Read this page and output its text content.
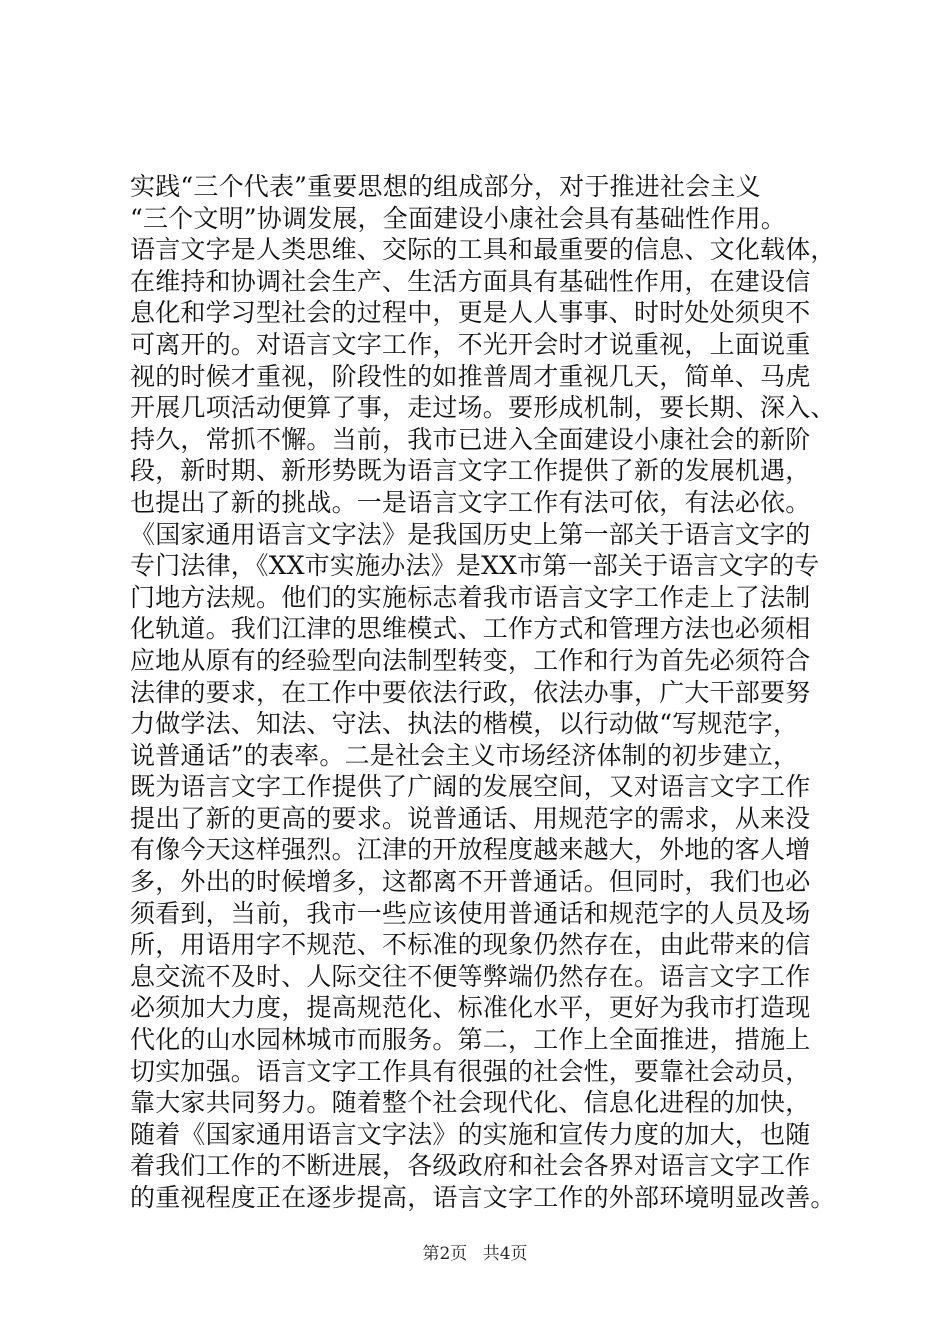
实践“三个代表”重要思想的组成部分，对于推进社会主义
“三个文明”协调发展，全面建设小康社会具有基础性作用。
语言文字是人类思维、交际的工具和最重要的信息、文化载体，
在维持和协调社会生产、生活方面具有基础性作用，在建设信
息化和学习型社会的过程中，更是人人事事、时时处处须臾不
可离开的。对语言文字工作，不光开会时才说重视，上面说重
视的时候才重视，阶段性的如推普周才重视几天，简单、马虎
开展几项活动便算了事，走过场。要形成机制，要长期、深入、
持久，常抓不懈。当前，我市已进入全面建设小康社会的新阶
段，新时期、新形势既为语言文字工作提供了新的发展机遇，
也提出了新的挑战。一是语言文字工作有法可依，有法必依。
《国家通用语言文字法》是我国历史上第一部关于语言文字的
专门法律，《XX市实施办法》是XX市第一部关于语言文字的专
门地方法规。他们的实施标志着我市语言文字工作走上了法制
化轨道。我们江津的思维模式、工作方式和管理方法也必须相
应地从原有的经验型向法制型转变，工作和行为首先必须符合
法律的要求，在工作中要依法行政，依法办事，广大干部要努
力做学法、知法、守法、执法的楷模，以行动做“写规范字，
说普通话”的表率。二是社会主义市场经济体制的初步建立，
既为语言文字工作提供了广阔的发展空间，又对语言文字工作
提出了新的更高的要求。说普通话、用规范字的需求，从来没
有像今天这样强烈。江津的开放程度越来越大，外地的客人增
多，外出的时候增多，这都离不开普通话。但同时，我们也必
须看到，当前，我市一些应该使用普通话和规范字的人员及场
所，用语用字不规范、不标准的现象仍然存在，由此带来的信
息交流不及时、人际交往不便等弊端仍然存在。语言文字工作
必须加大力度，提高规范化、标准化水平，更好为我市打造现
代化的山水园林城市而服务。第二，工作上全面推进，措施上
切实加强。语言文字工作具有很强的社会性，要靠社会动员，
靠大家共同努力。随着整个社会现代化、信息化进程的加快，
随着《国家通用语言文字法》的实施和宣传力度的加大，也随
着我们工作的不断进展，各级政府和社会各界对语言文字工作
的重视程度正在逐步提高，语言文字工作的外部环境明显改善。
第2页 共4页
